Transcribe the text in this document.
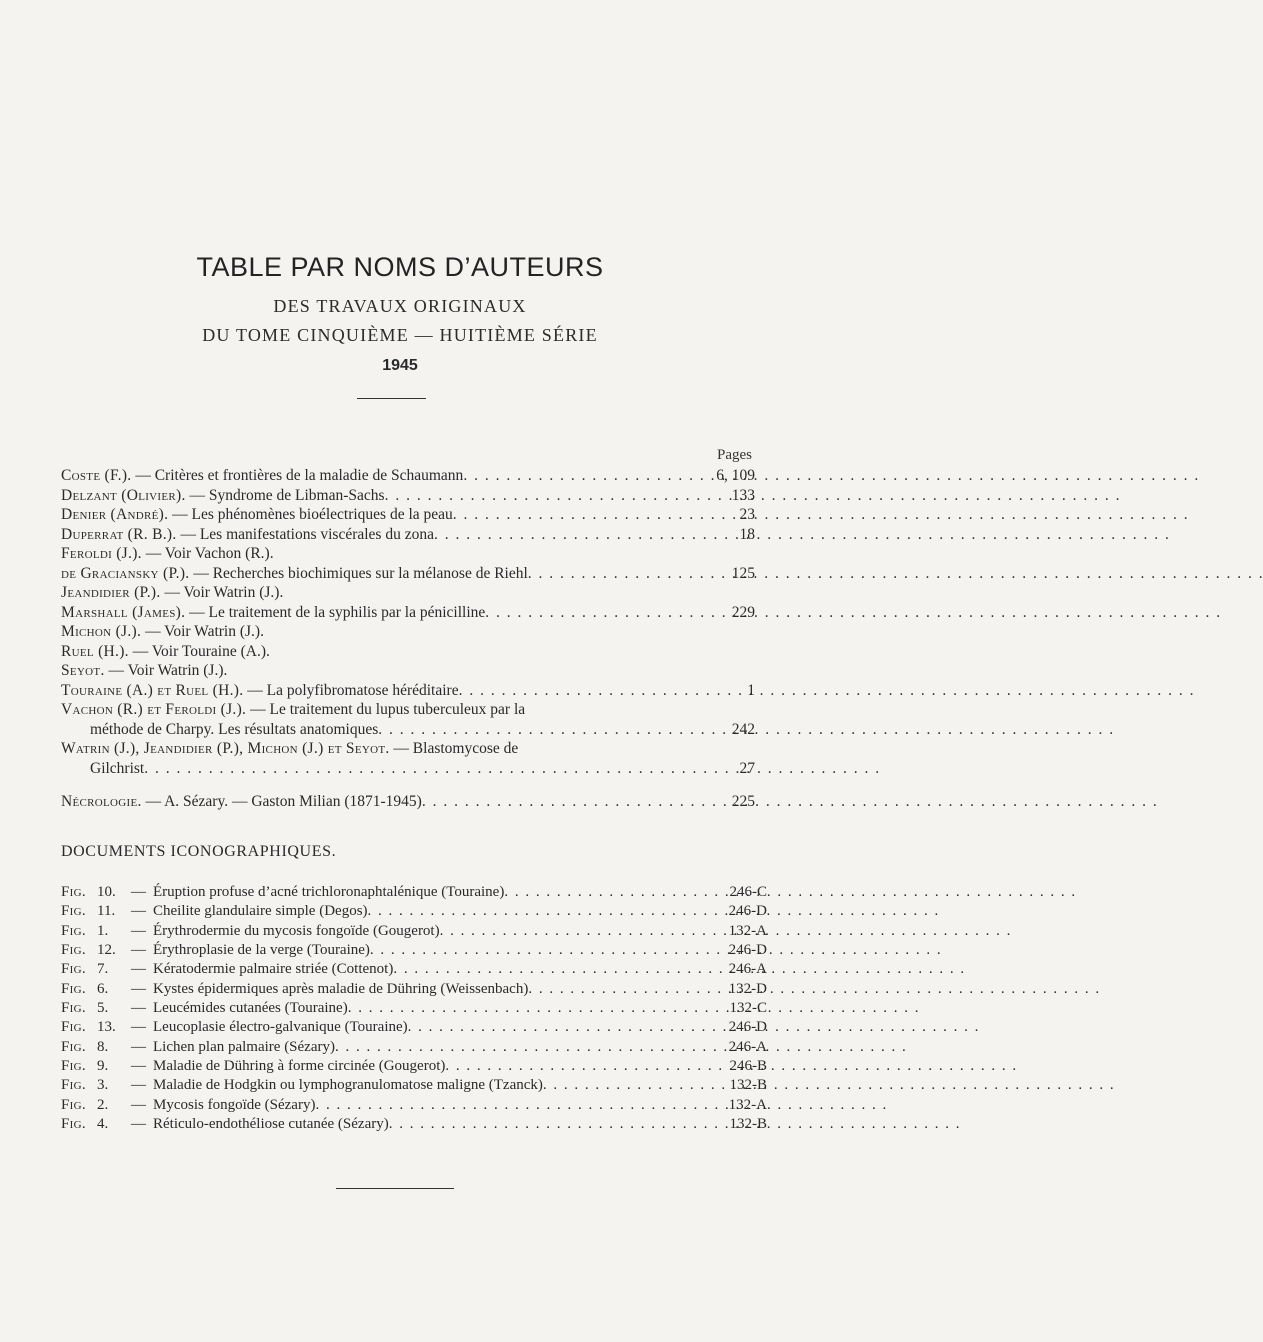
TABLE PAR NOMS D’AUTEURS
DES TRAVAUX ORIGINAUX
DU TOME CINQUIÈME — HUITIÈME SÉRIE
1945
Pages
Coste (F.). — Critères et frontières de la maladie de Schaumann . . .	6, 109
Delzant (Olivier). — Syndrome de Libman-Sachs . . .	133
Denier (André). — Les phénomènes bioélectriques de la peau . . .	23
Duperrat (R. B.). — Les manifestations viscérales du zona . . .	18
Feroldi (J.). — Voir Vachon (R.).
de Graciansky (P.). — Recherches biochimiques sur la mélanose de Riehl . . .	125
Jeandidier (P.). — Voir Watrin (J.).
Marshall (James). — Le traitement de la syphilis par la pénicilline . . .	229
Michon (J.). — Voir Watrin (J.).
Ruel (H.). — Voir Touraine (A.).
Seyot. — Voir Watrin (J.).
Touraine (A.) et Ruel (H.). — La polyfibromatose héréditaire . . .	1
Vachon (R.) et Feroldi (J.). — Le traitement du lupus tuberculeux par la
méthode de Charpy. Les résultats anatomiques . . .	242
Watrin (J.), Jeandidier (P.), Michon (J.) et Seyot. — Blastomycose de
Gilchrist . . .	27
Nécrologie. — A. Sézary. — Gaston Milian (1871-1945) . . .	225
DOCUMENTS ICONOGRAPHIQUES.
Fig. 10.	— Éruption profuse d’acné trichloronaphtalénique (Touraine) . . .	246-C
Fig. 11.	— Cheilite glandulaire simple (Degos) . . .	246-D
Fig. 1.	— Érythrodermie du mycosis fongoïde (Gougerot) . . .	132-A
Fig. 12.	— Érythroplasie de la verge (Touraine) . . .	246-D
Fig. 7.	— Kératodermie palmaire striée (Cottenot) . . .	246-A
Fig. 6.	— Kystes épidermiques après maladie de Dühring (Weissenbach) . . .	132-D
Fig. 5.	— Leucémides cutanées (Touraine) . . .	132-C
Fig. 13.	— Leucoplasie électro-galvanique (Touraine) . . .	246-D
Fig. 8.	— Lichen plan palmaire (Sézary) . . .	246-A
Fig. 9.	— Maladie de Dühring à forme circinée (Gougerot) . . .	246-B
Fig. 3.	— Maladie de Hodgkin ou lymphogranulomatose maligne (Tzanck) . . .	132-B
Fig. 2.	— Mycosis fongoïde (Sézary) . . .	132-A
Fig. 4.	— Réticulo-endothéliose cutanée (Sézary) . . .	132-B
